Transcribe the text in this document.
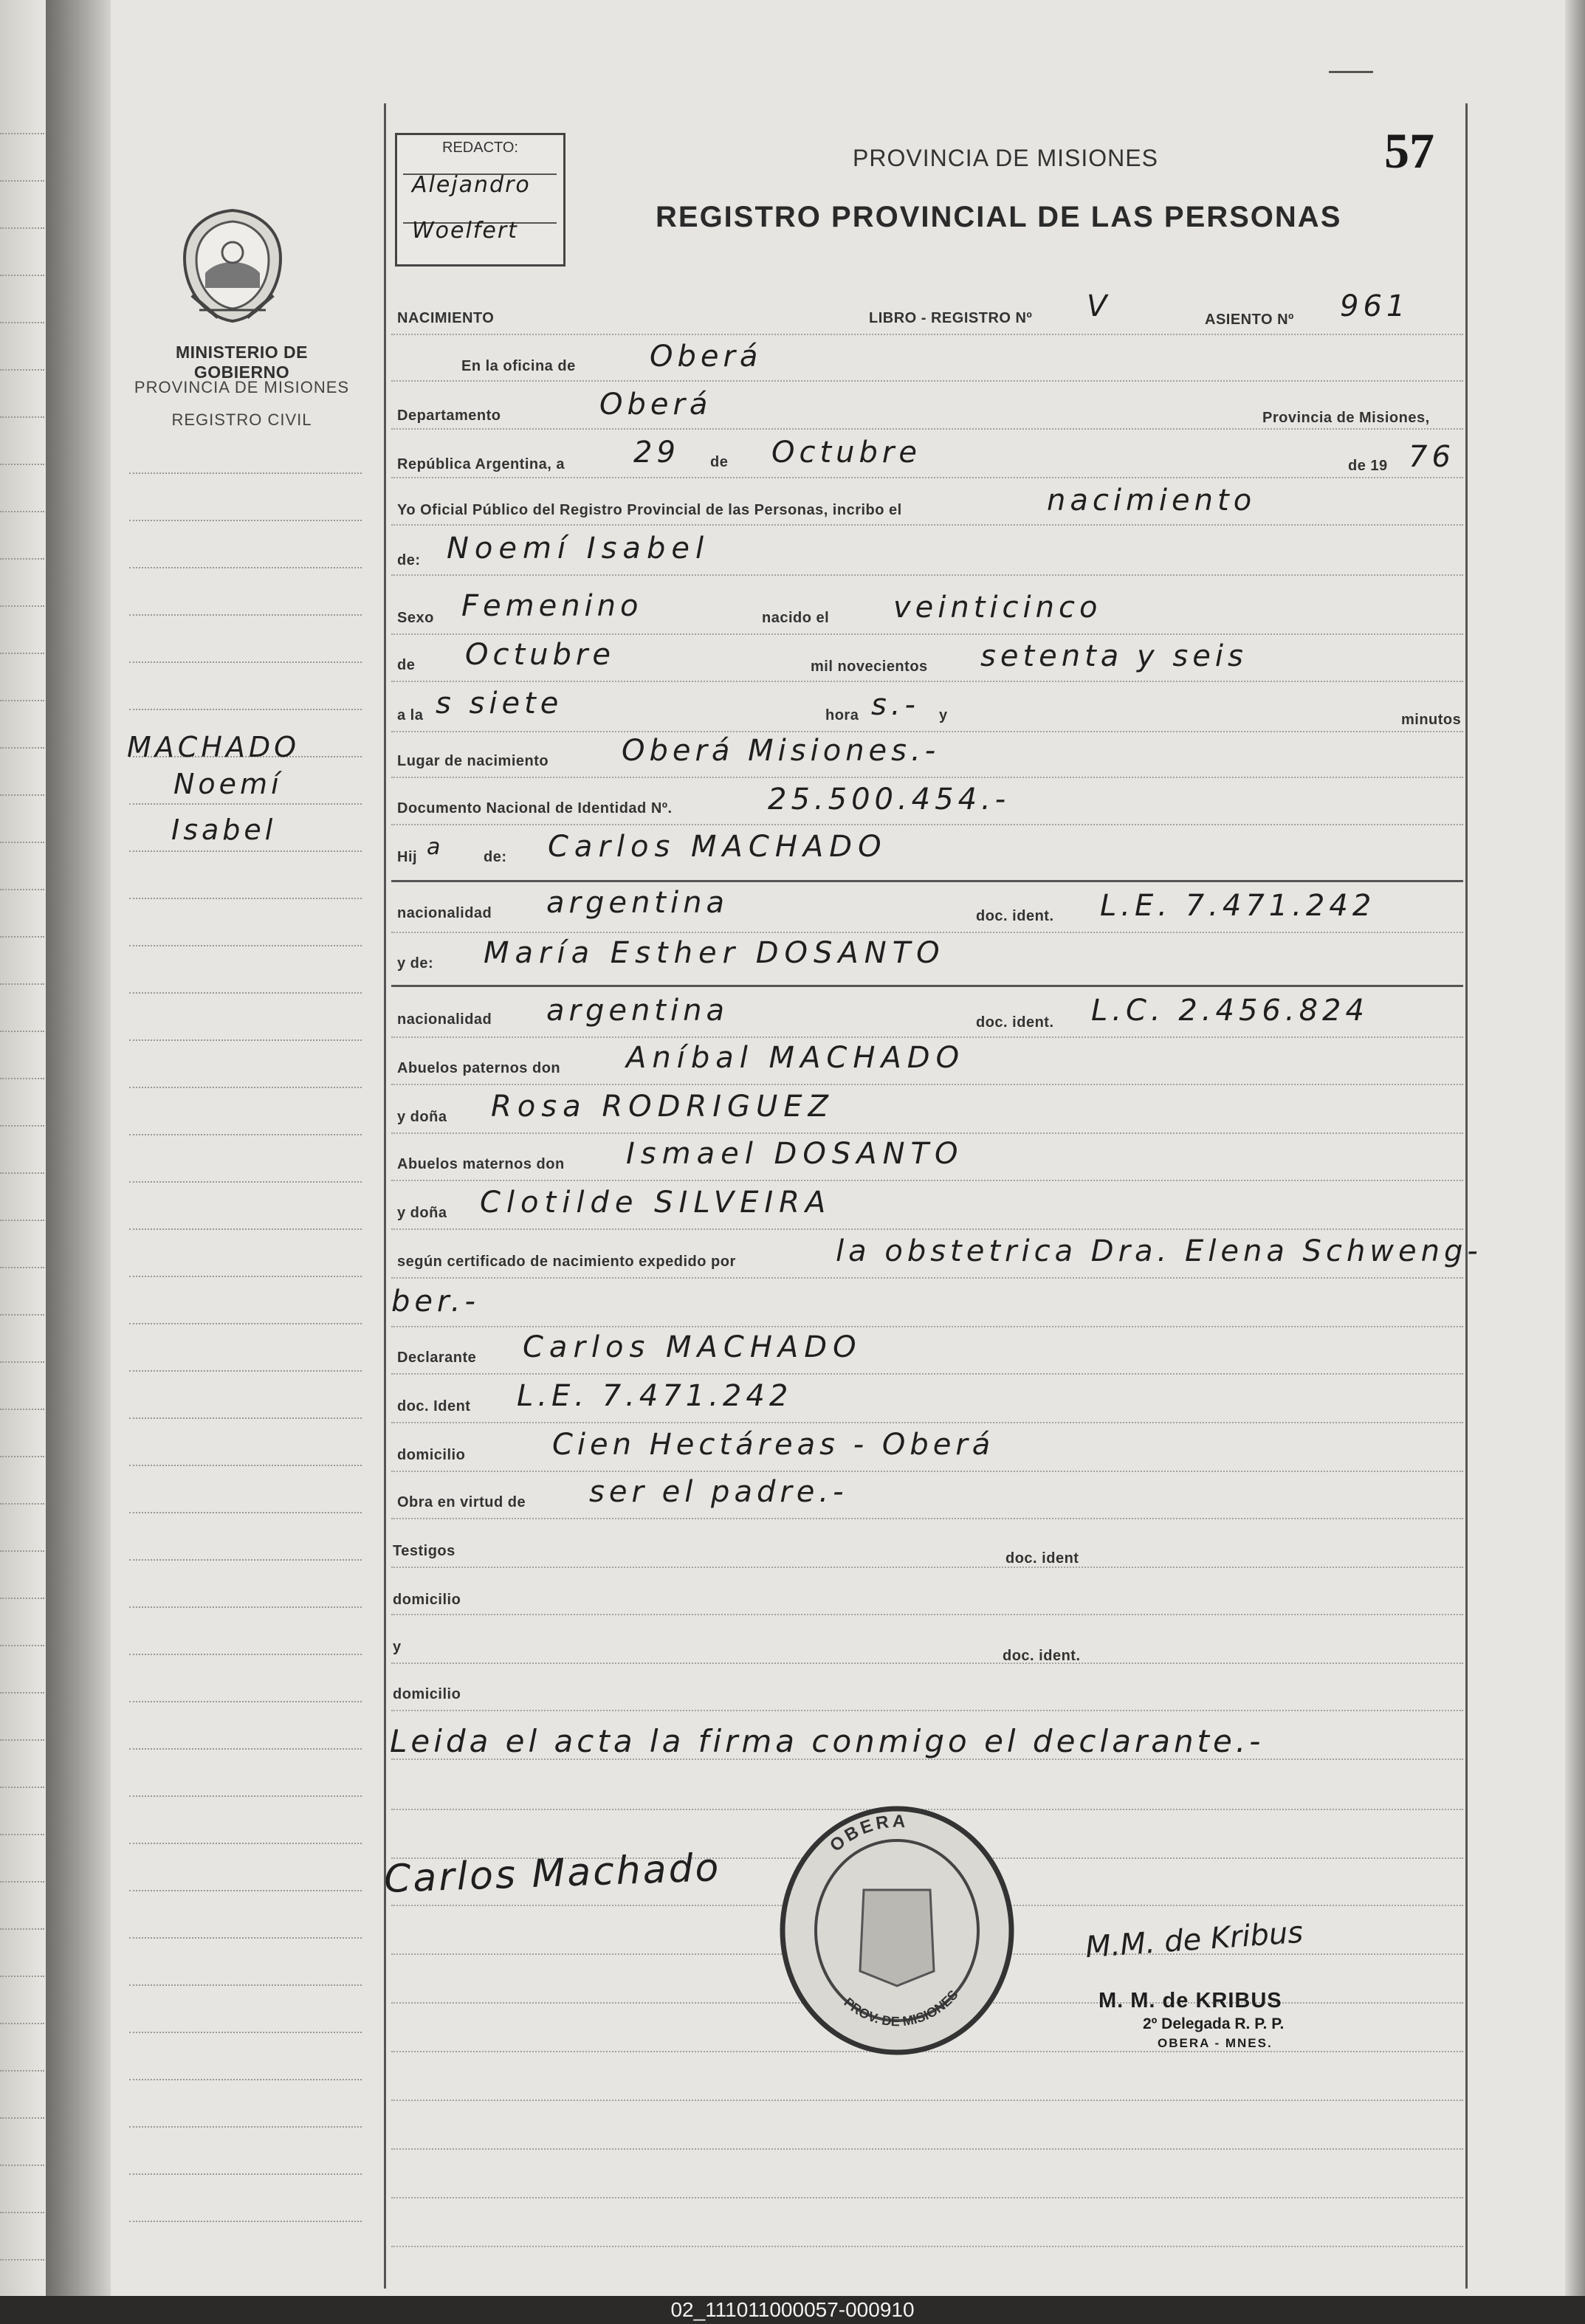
REDACTO:
Alejandro
Woelfert
PROVINCIA DE MISIONES	57
REGISTRO PROVINCIAL DE LAS PERSONAS
MINISTERIO DE GOBIERNO
PROVINCIA DE MISIONES
REGISTRO CIVIL
MACHADO
Noemí
Isabel
NACIMIENTO	LIBRO - REGISTRO Nº V	ASIENTO Nº 961
En la oficina de	Oberá
Departamento	Oberá	Provincia de Misiones,
República Argentina, a 29 de Octubre	de 19 76
Yo Oficial Público del Registro Provincial de las Personas, incribo el	nacimiento
de: Noemí Isabel
Sexo Femenino	nacido el veinticinco
de Octubre	mil novecientos setenta y seis
a la s siete	hora s.- y	minutos
Lugar de nacimiento Oberá Misiones.-
Documento Nacional de Identidad Nº.	25.500.454.-
Hij a	de: Carlos MACHADO
nacionalidad argentina	doc. ident. L.E. 7.471.242
y de: María Esther DOSANTO
nacionalidad argentina	doc. ident. L.C. 2.456.824
Abuelos paternos don Aníbal MACHADO
y doña Rosa RODRIGUEZ
Abuelos maternos don Ismael DOSANTO
y doña Clotilde SILVEIRA
según certificado de nacimiento expedido por	la obstetrica Dra. Elena Schweng-
ber.-
Declarante Carlos MACHADO
doc. Ident L.E. 7.471.242
domicilio	Cien Hectáreas - Oberá
Obra en virtud de ser el padre.-
Testigos	doc. ident
domicilio
y
doc. ident.
domicilio
Leida el acta la firma conmigo el declarante.-
Carlos Machado
OBERA
PROV. DE MISIONES
M.M. de Kribus
M. M. de KRIBUS
2º Delegada R. P. P.
OBERA - MNES.
02_111011000057-000910
